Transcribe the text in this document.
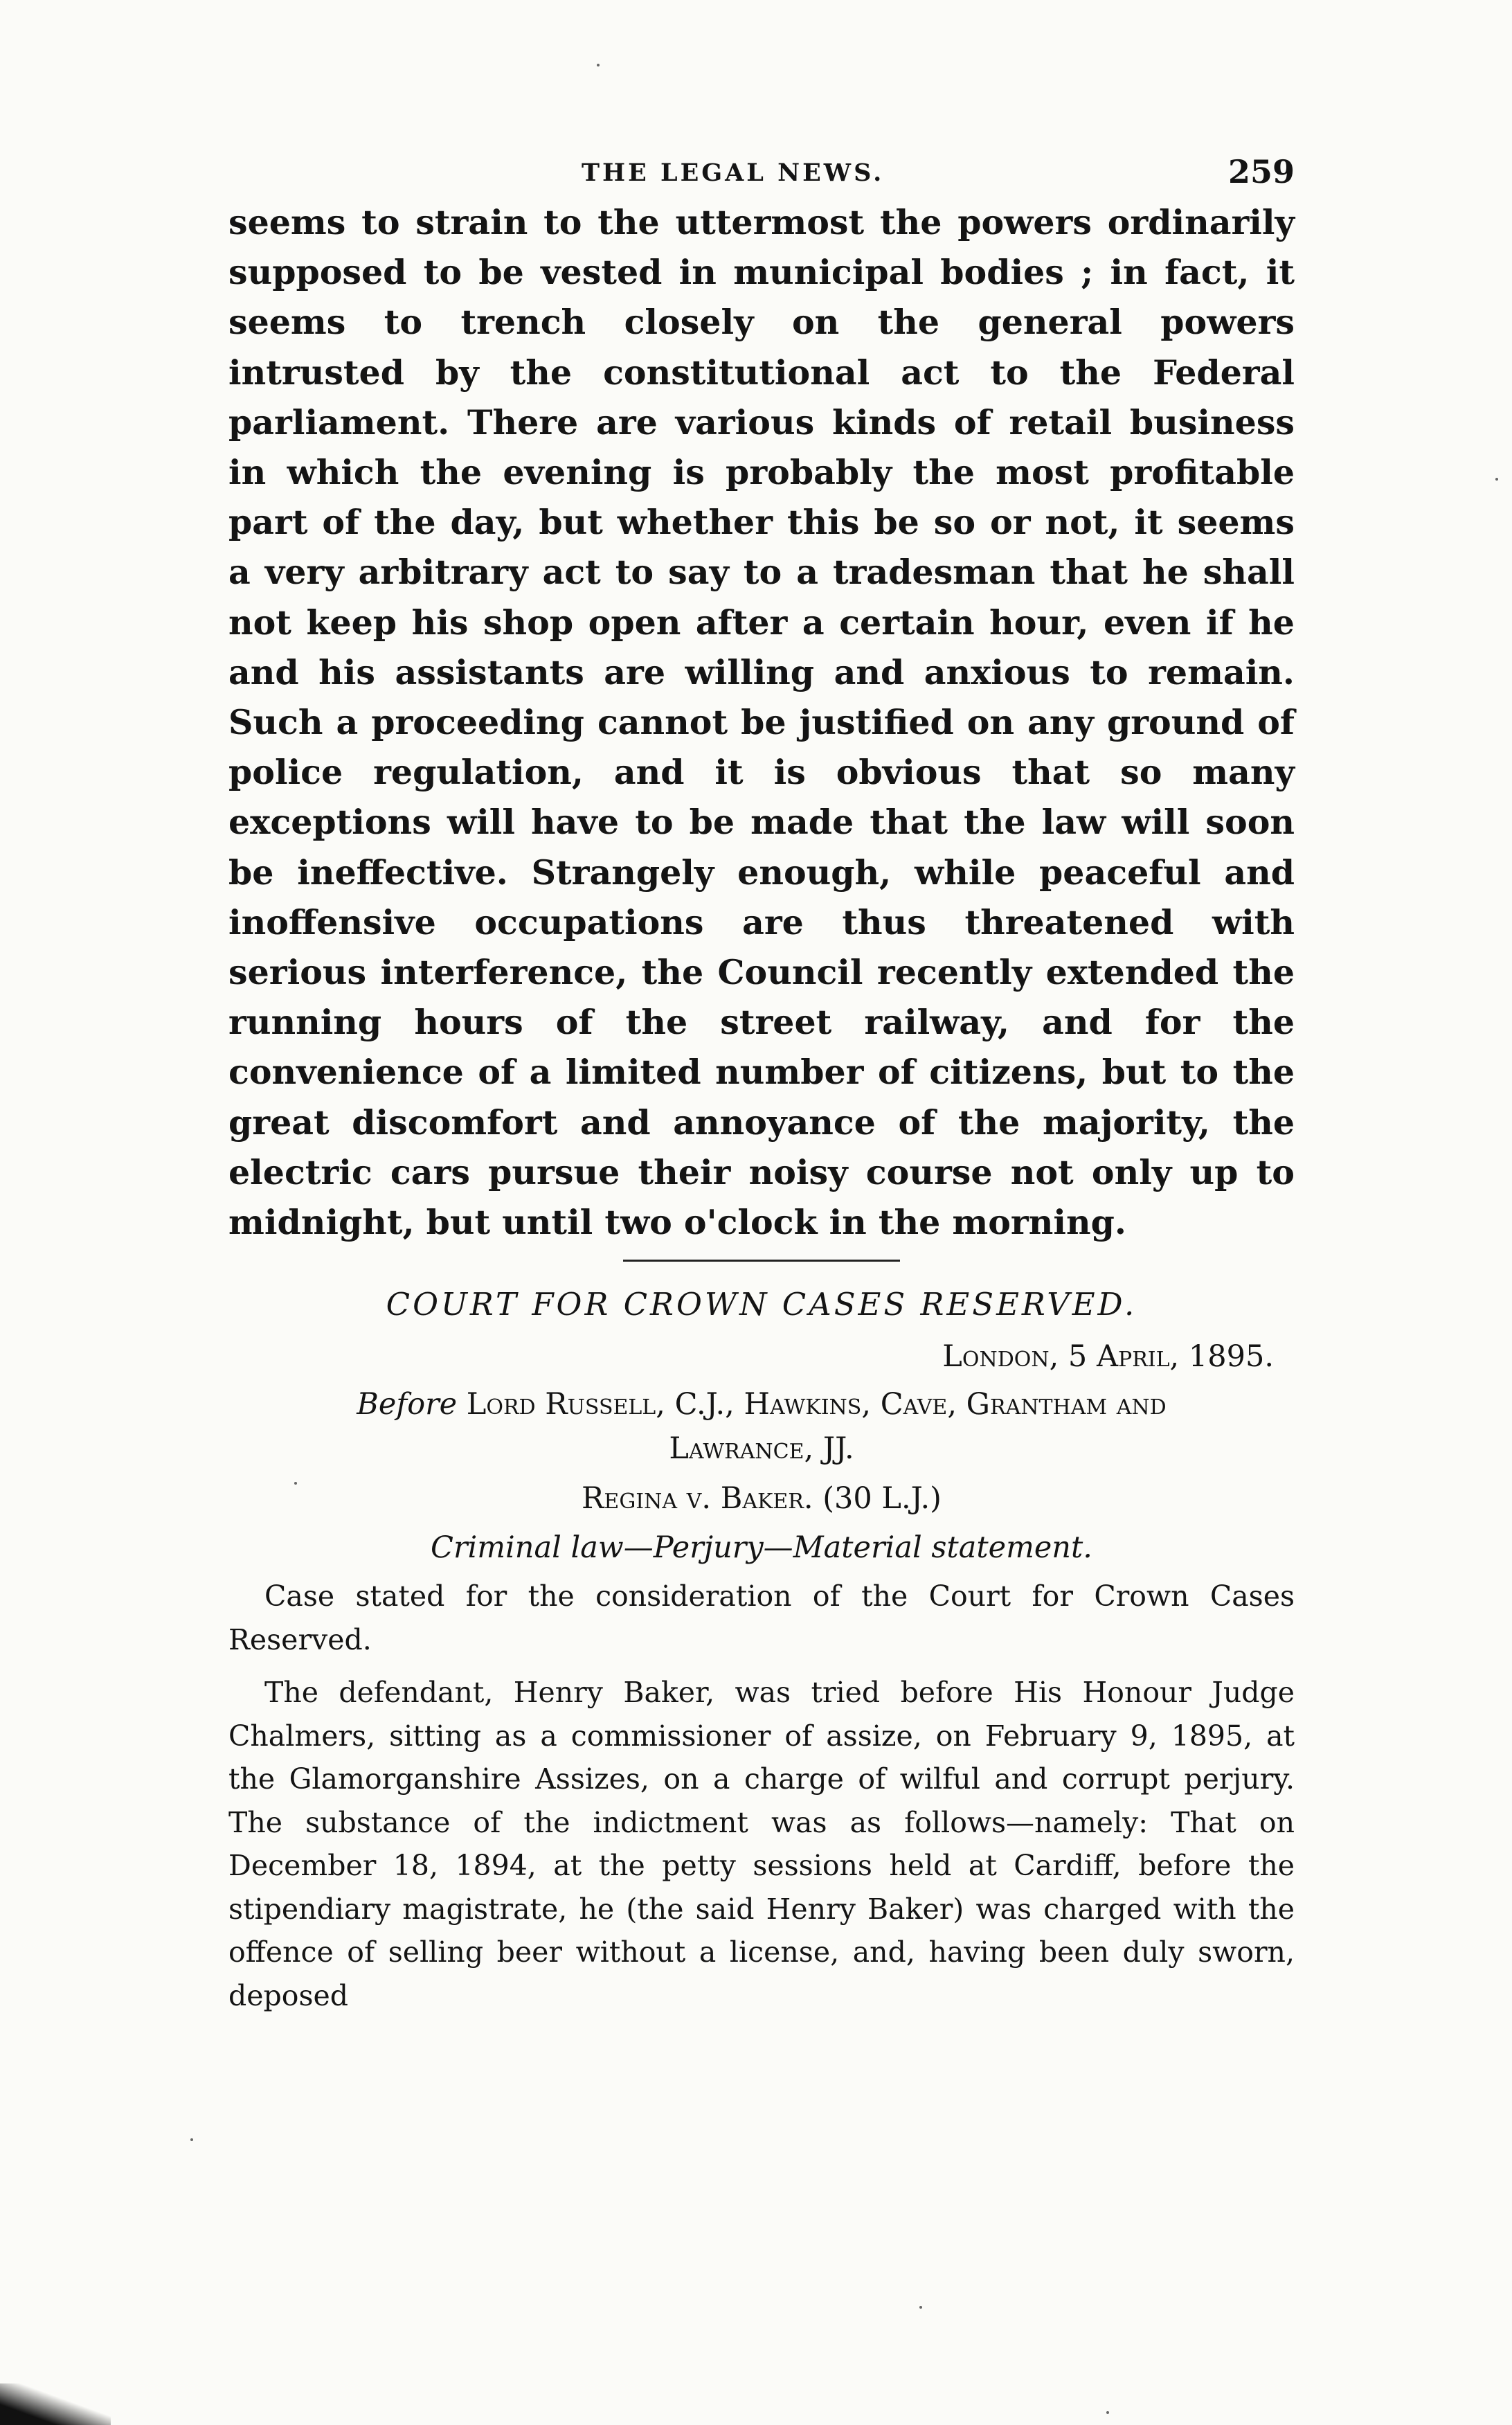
THE LEGAL NEWS.	259

seems to strain to the uttermost the powers ordinarily supposed to be vested in municipal bodies ; in fact, it seems to trench closely on the general powers intrusted by the constitutional act to the Federal parliament. There are various kinds of retail business in which the evening is probably the most profitable part of the day, but whether this be so or not, it seems a very arbitrary act to say to a tradesman that he shall not keep his shop open after a certain hour, even if he and his assistants are willing and anxious to remain. Such a proceeding cannot be justified on any ground of police regulation, and it is obvious that so many exceptions will have to be made that the law will soon be ineffective. Strangely enough, while peaceful and inoffensive occupations are thus threatened with serious interference, the Council recently extended the running hours of the street railway, and for the convenience of a limited number of citizens, but to the great discomfort and annoyance of the majority, the electric cars pursue their noisy course not only up to midnight, but until two o'clock in the morning.

COURT FOR CROWN CASES RESERVED.

London, 5 April, 1895.

Before Lord Russell, C.J., Hawkins, Cave, Grantham and

Lawrance, JJ.

Regina v. Baker. (30 L.J.)

Criminal law—Perjury—Material statement.

Case stated for the consideration of the Court for Crown Cases Reserved.

The defendant, Henry Baker, was tried before His Honour Judge Chalmers, sitting as a commissioner of assize, on February 9, 1895, at the Glamorganshire Assizes, on a charge of wilful and corrupt perjury. The substance of the indictment was as follows—namely: That on December 18, 1894, at the petty sessions held at Cardiff, before the stipendiary magistrate, he (the said Henry Baker) was charged with the offence of selling beer without a license, and, having been duly sworn, deposed
